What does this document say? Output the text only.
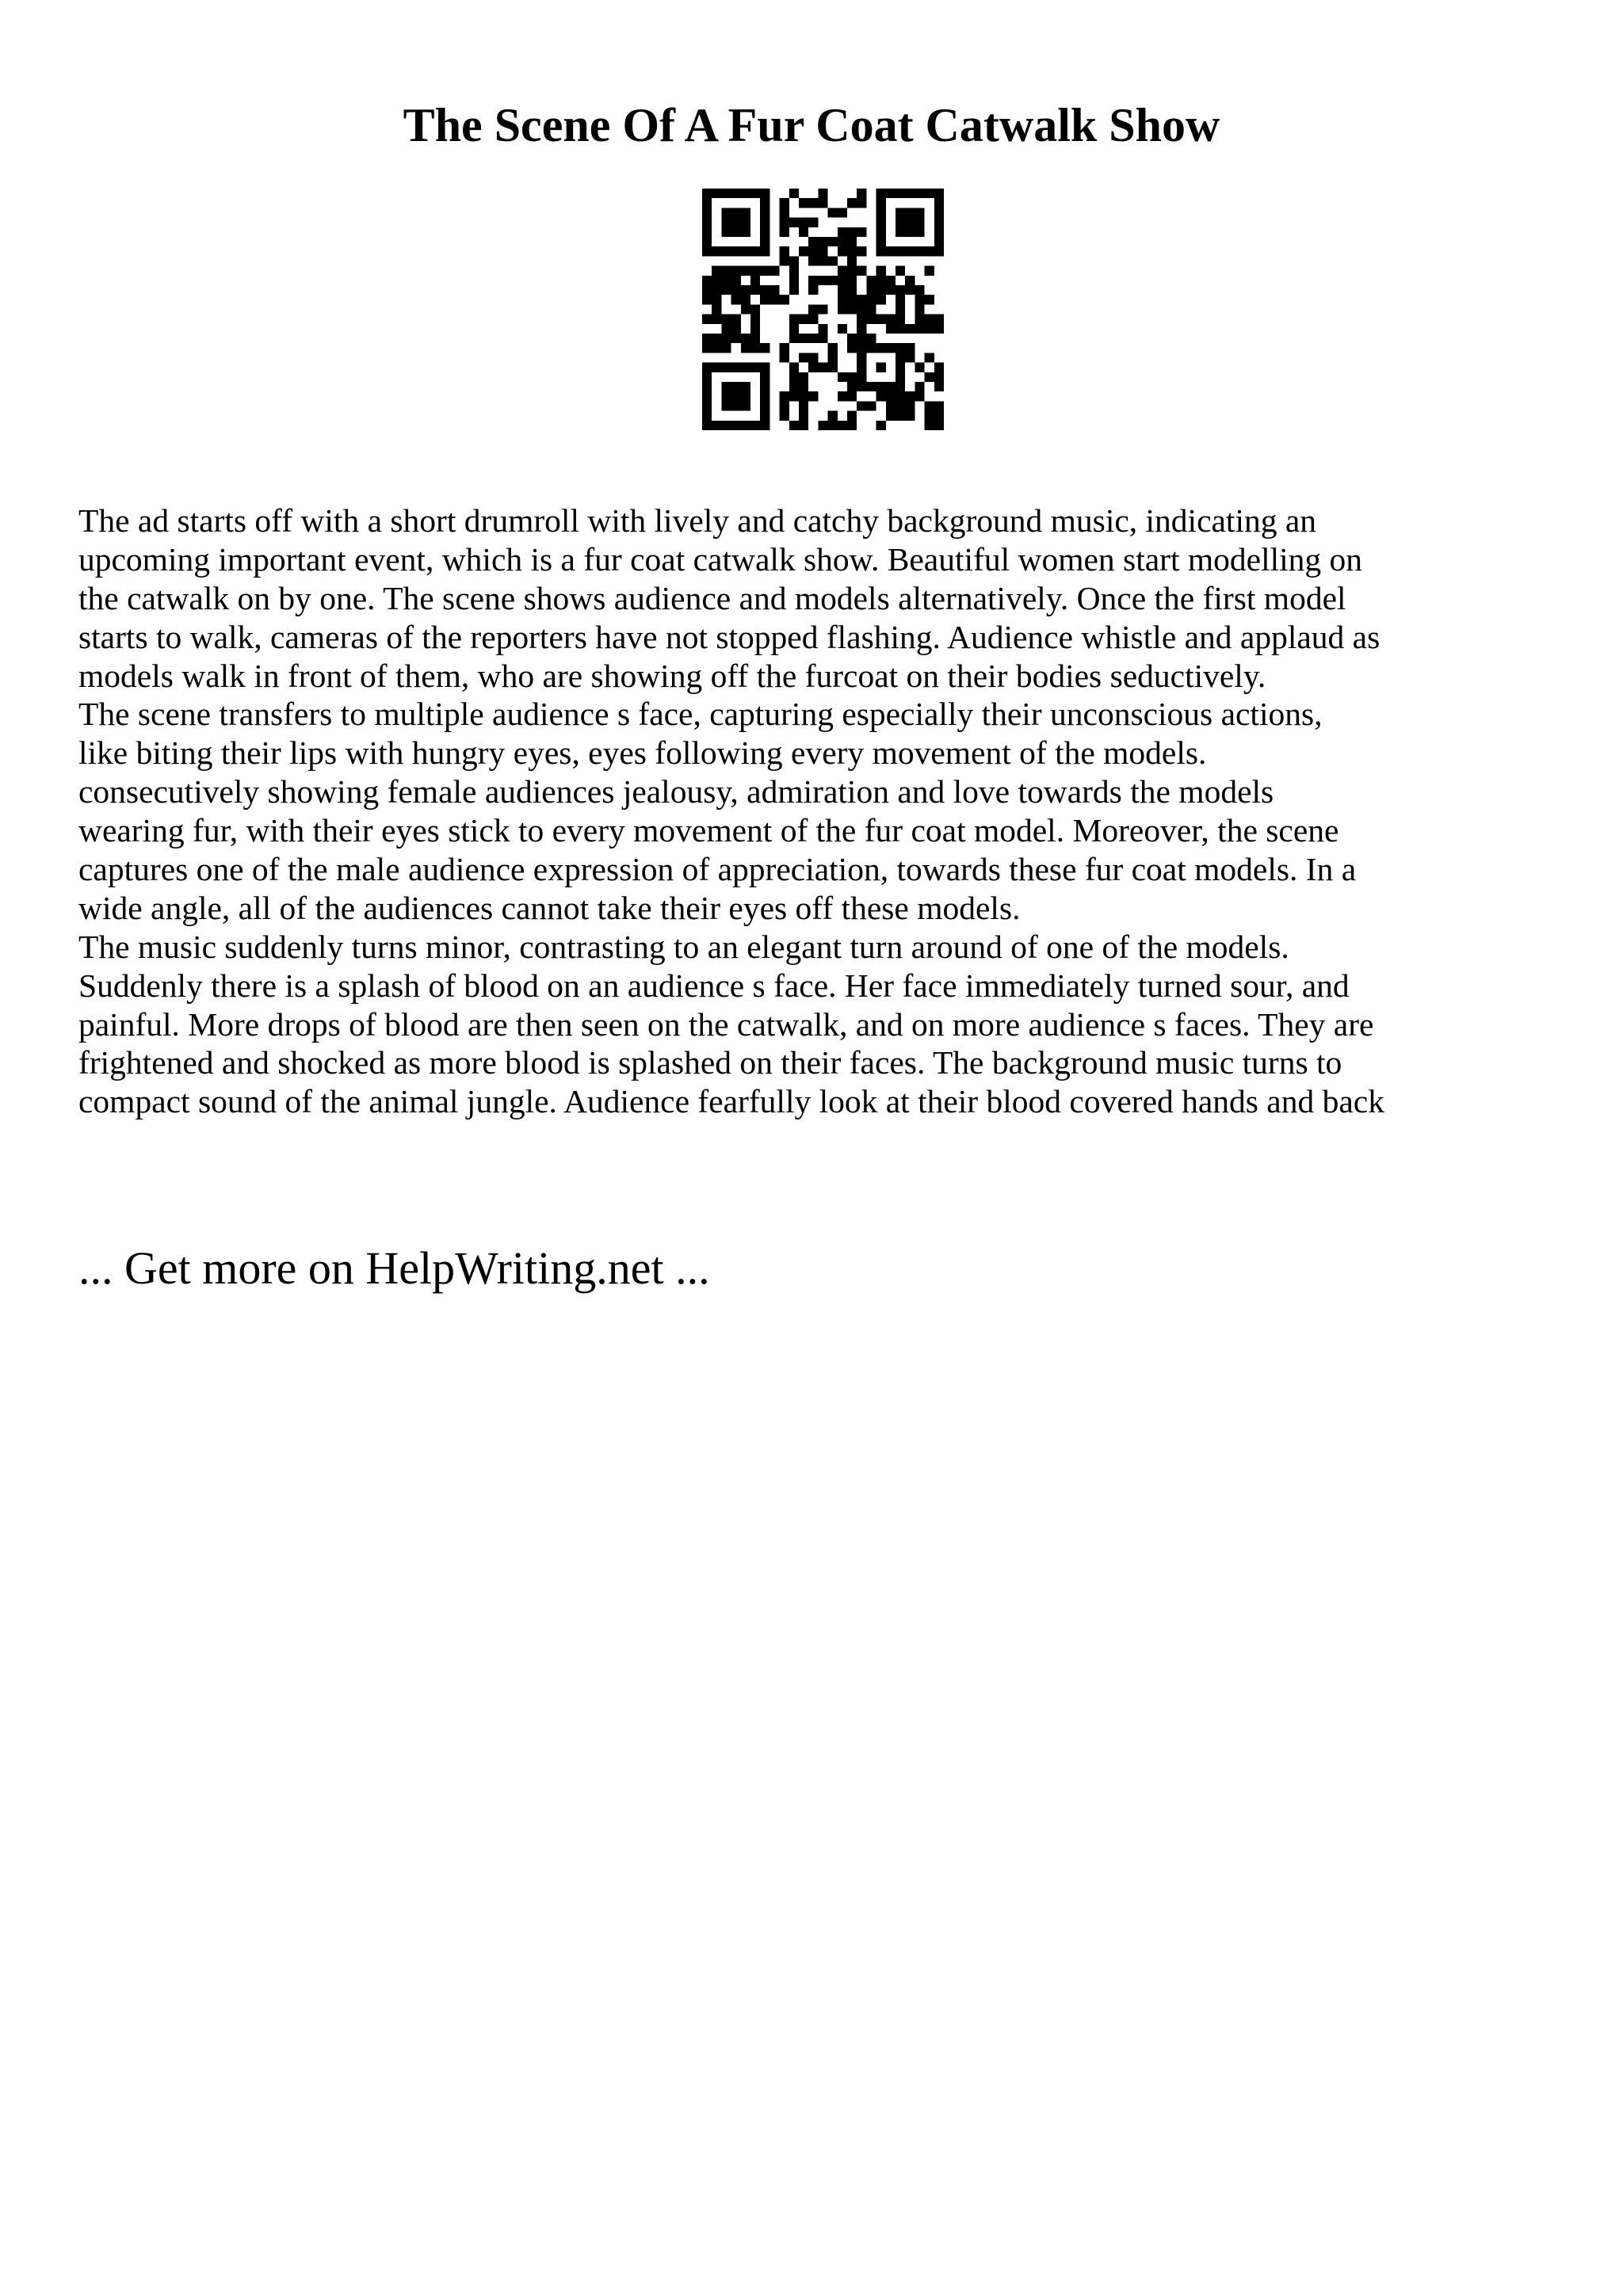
The Scene Of A Fur Coat Catwalk Show
The ad starts off with a short drumroll with lively and catchy background music, indicating an
upcoming important event, which is a fur coat catwalk show. Beautiful women start modelling on
the catwalk on by one. The scene shows audience and models alternatively. Once the first model
starts to walk, cameras of the reporters have not stopped flashing. Audience whistle and applaud as
models walk in front of them, who are showing off the furcoat on their bodies seductively.
The scene transfers to multiple audience s face, capturing especially their unconscious actions,
like biting their lips with hungry eyes, eyes following every movement of the models.
consecutively showing female audiences jealousy, admiration and love towards the models
wearing fur, with their eyes stick to every movement of the fur coat model. Moreover, the scene
captures one of the male audience expression of appreciation, towards these fur coat models. In a
wide angle, all of the audiences cannot take their eyes off these models.
The music suddenly turns minor, contrasting to an elegant turn around of one of the models.
Suddenly there is a splash of blood on an audience s face. Her face immediately turned sour, and
painful. More drops of blood are then seen on the catwalk, and on more audience s faces. They are
frightened and shocked as more blood is splashed on their faces. The background music turns to
compact sound of the animal jungle. Audience fearfully look at their blood covered hands and back
... Get more on HelpWriting.net ...
